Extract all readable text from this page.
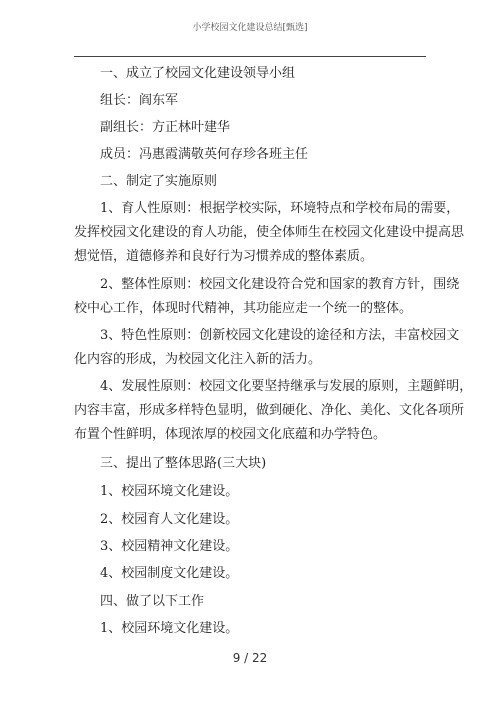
小学校园文化建设总结[甄选]
一、成立了校园文化建设领导小组
组长：阎东军
副组长：方正林叶建华
成员：冯惠霞满敬英何存珍各班主任
二、制定了实施原则
1、育人性原则：根据学校实际，环境特点和学校布局的需要，
发挥校园文化建设的育人功能，使全体师生在校园文化建设中提高思
想觉悟，道德修养和良好行为习惯养成的整体素质。
2、整体性原则：校园文化建设符合党和国家的教育方针，围绕
校中心工作，体现时代精神，其功能应走一个统一的整体。
3、特色性原则：创新校园文化建设的途径和方法，丰富校园文
化内容的形成，为校园文化注入新的活力。
4、发展性原则：校园文化要坚持继承与发展的原则，主题鲜明，
内容丰富，形成多样特色显明，做到硬化、净化、美化、文化各项所
布置个性鲜明，体现浓厚的校园文化底蕴和办学特色。
三、提出了整体思路(三大块)
1、校园环境文化建设。
2、校园育人文化建设。
3、校园精神文化建设。
4、校园制度文化建设。
四、做了以下工作
1、校园环境文化建设。
9 / 22
